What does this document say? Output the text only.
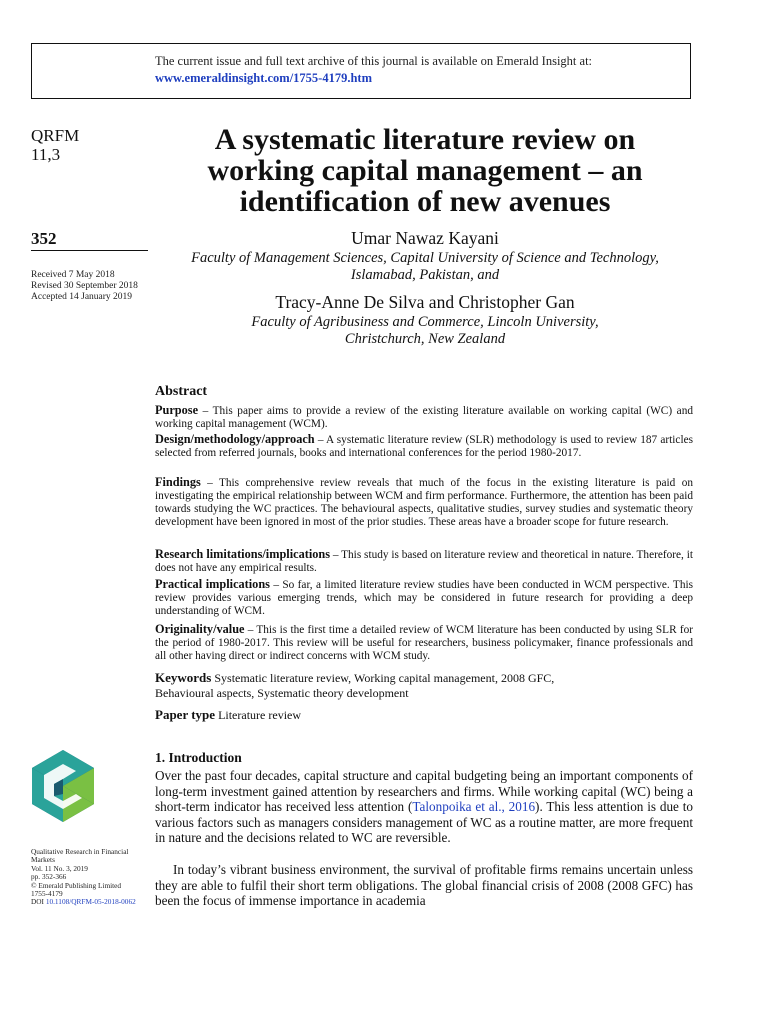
The current issue and full text archive of this journal is available on Emerald Insight at:
www.emeraldinsight.com/1755-4179.htm
QRFM
11,3
352
Received 7 May 2018
Revised 30 September 2018
Accepted 14 January 2019
A systematic literature review on
working capital management – an
identification of new avenues
Umar Nawaz Kayani
Faculty of Management Sciences, Capital University of Science and Technology,
Islamabad, Pakistan, and
Tracy-Anne De Silva and Christopher Gan
Faculty of Agribusiness and Commerce, Lincoln University,
Christchurch, New Zealand
Abstract
Purpose – This paper aims to provide a review of the existing literature available on working capital (WC) and working capital management (WCM).
Design/methodology/approach – A systematic literature review (SLR) methodology is used to review 187 articles selected from referred journals, books and international conferences for the period 1980-2017.
Findings – This comprehensive review reveals that much of the focus in the existing literature is paid on investigating the empirical relationship between WCM and firm performance. Furthermore, the attention has been paid towards studying the WC practices. The behavioural aspects, qualitative studies, survey studies and systematic theory development have been ignored in most of the prior studies. These areas have a broader scope for future research.
Research limitations/implications – This study is based on literature review and theoretical in nature. Therefore, it does not have any empirical results.
Practical implications – So far, a limited literature review studies have been conducted in WCM perspective. This review provides various emerging trends, which may be considered in future research for providing a deep understanding of WCM.
Originality/value – This is the first time a detailed review of WCM literature has been conducted by using SLR for the period of 1980-2017. This review will be useful for researchers, business policymaker, finance professionals and all other having direct or indirect concerns with WCM study.
Keywords Systematic literature review, Working capital management, 2008 GFC,
Behavioural aspects, Systematic theory development
Paper type Literature review
1. Introduction
Over the past four decades, capital structure and capital budgeting being an important components of long-term investment gained attention by researchers and firms. While working capital (WC) being a short-term indicator has received less attention (Talonpoika et al., 2016). This less attention is due to various factors such as managers considers management of WC as a routine matter, are more frequent in nature and the decisions related to WC are reversible.
In today’s vibrant business environment, the survival of profitable firms remains uncertain unless they are able to fulfil their short term obligations. The global financial crisis of 2008 (2008 GFC) has been the focus of immense importance in academia
Qualitative Research in Financial
Markets
Vol. 11 No. 3, 2019
pp. 352-366
© Emerald Publishing Limited
1755-4179
DOI 10.1108/QRFM-05-2018-0062
